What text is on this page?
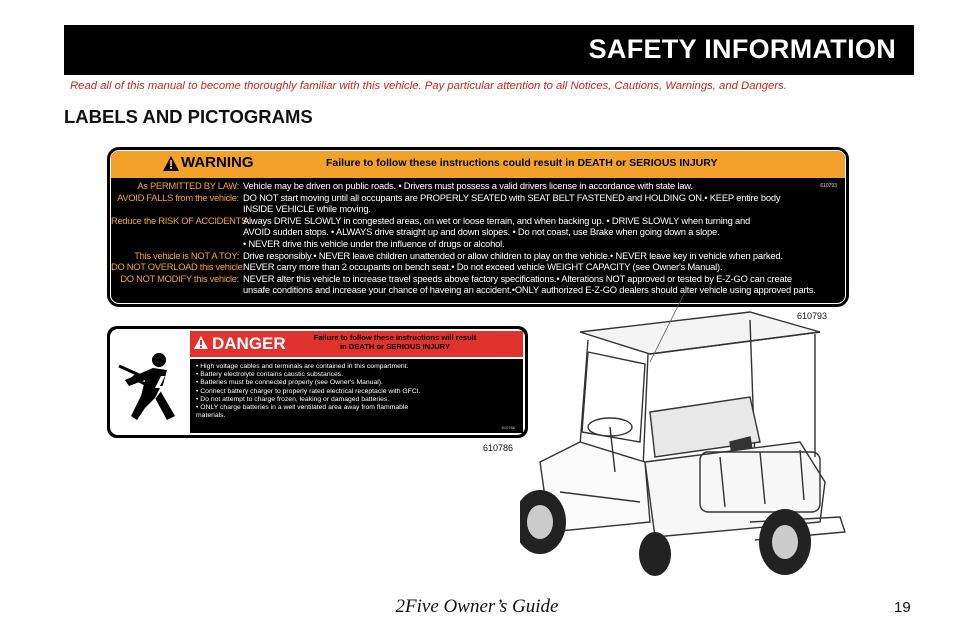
SAFETY INFORMATION
Read all of this manual to become thoroughly familiar with this vehicle. Pay particular attention to all Notices, Cautions, Warnings, and Dangers.
LABELS AND PICTOGRAMS
WARNING	Failure to follow these instructions could result in DEATH or SERIOUS INJURY
610793
As PERMITTED BY LAW: Vehicle may be driven on public roads. • Drivers must possess a valid drivers license in accordance with state law.
AVOID FALLS from the vehicle: DO NOT start moving until all occupants are PROPERLY SEATED with SEAT BELT FASTENED and HOLDING ON.• KEEP entire body
INSIDE VEHICLE while moving.
Reduce the RISK OF ACCIDENTS:
Always DRIVE SLOWLY in congested areas, on wet or loose terrain, and when backing up. • DRIVE SLOWLY when turning and
AVOID sudden stops. • ALWAYS drive straight up and down slopes. • Do not coast, use Brake when going down a slope.
• NEVER drive this vehicle under the influence of drugs or alcohol.
This vehicle is NOT A TOY: Drive responsibly.• NEVER leave children unattended or allow children to play on the vehicle.• NEVER leave key in vehicle when parked.
DO NOT OVERLOAD this vehicle:
NEVER carry more than 2 occupants on bench seat.• Do not exceed vehicle WEIGHT CAPACITY (see Owner's Manual).
DO NOT MODIFY this vehicle: NEVER alter this vehicle to increase travel speeds above factory specifications.• Alterations NOT approved or tested by E-Z-GO can create
unsafe conditions and increase your chance of haveing an accident.•ONLY authorized E-Z-GO dealers should alter vehicle using approved parts.
610793
DANGER	Failure to follow these instructions will result
in DEATH or SERIOUS INJURY
• High voltage cables and terminals are contained in this compartment.
• Battery electrolyte contains caustic substances.
• Batteries must be connected properly (see Owner's Manual).
• Connect battery charger to properly rated electrical receptacle with GFCI.
• Do not attempt to charge frozen, leaking or damaged batteries.
• ONLY charge batteries in a well ventilated area away from flammable
materials.
610786
610786
2Five Owner’s Guide	19
